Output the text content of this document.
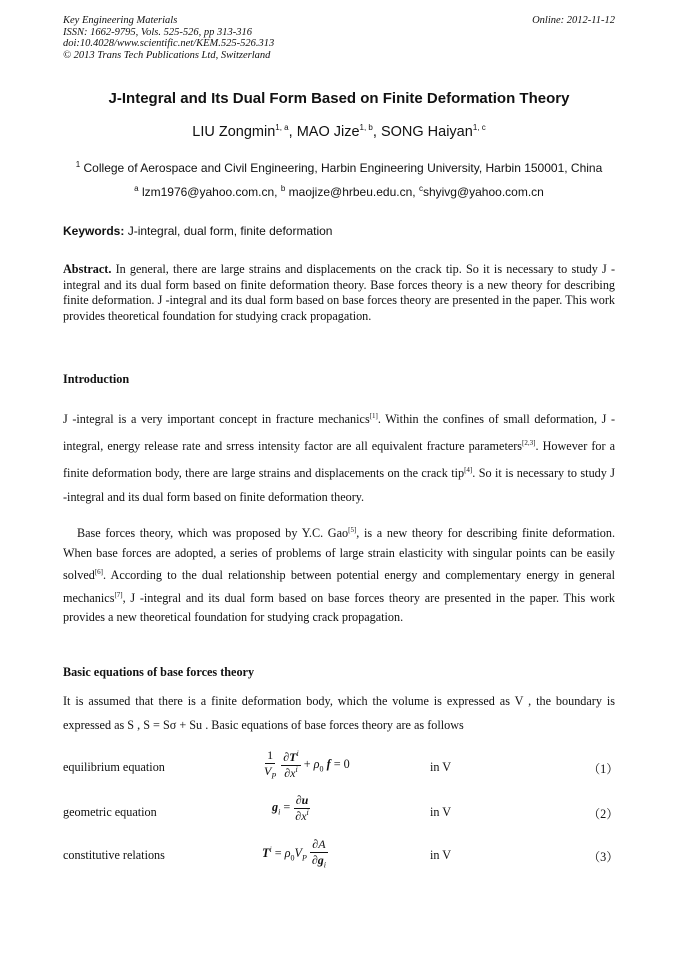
Key Engineering Materials
ISSN: 1662-9795, Vols. 525-526, pp 313-316
doi:10.4028/www.scientific.net/KEM.525-526.313
© 2013 Trans Tech Publications Ltd, Switzerland
Online: 2012-11-12
J-Integral and Its Dual Form Based on Finite Deformation Theory
LIU Zongmin$^{1, a}$, MAO Jize$^{1, b}$, SONG Haiyan$^{1, c}$
$^1$ College of Aerospace and Civil Engineering, Harbin Engineering University, Harbin 150001, China
$^a$ lzm1976@yahoo.com.cn, $^b$ maojize@hrbeu.edu.cn, $^c$shyivg@yahoo.com.cn
Keywords: J-integral, dual form, finite deformation
Abstract. In general, there are large strains and displacements on the crack tip. So it is necessary to study J -integral and its dual form based on finite deformation theory. Base forces theory is a new theory for describing finite deformation. J -integral and its dual form based on base forces theory are presented in the paper. This work provides theoretical foundation for studying crack propagation.
Introduction
J -integral is a very important concept in fracture mechanics[1]. Within the confines of small deformation, J -integral, energy release rate and srress intensity factor are all equivalent fracture parameters[2,3]. However for a finite deformation body, there are large strains and displacements on the crack tip[4]. So it is necessary to study J -integral and its dual form based on finite deformation theory.
Base forces theory, which was proposed by Y.C. Gao[5], is a new theory for describing finite deformation. When base forces are adopted, a series of problems of large strain elasticity with singular points can be easily solved[6]. According to the dual relationship between potential energy and complementary energy in general mechanics[7], J -integral and its dual form based on base forces theory are presented in the paper. This work provides a new theoretical foundation for studying crack propagation.
Basic equations of base forces theory
It is assumed that there is a finite deformation body, which the volume is expressed as V , the boundary is expressed as S , S = Sσ + Su . Basic equations of base forces theory are as follows
equilibrium equation	$\frac{1}{V_P} \frac{\partial T^i}{\partial x^i} + \rho_0$ f = 0	in V	（1）
geometric equation	$g_i = \frac{\partial u}{\partial x^i}$	in V	（2）
constitutive relations	$T^i = \rho_0V_P \frac{\partial A}{\partial g_i}$	in V	（3）
